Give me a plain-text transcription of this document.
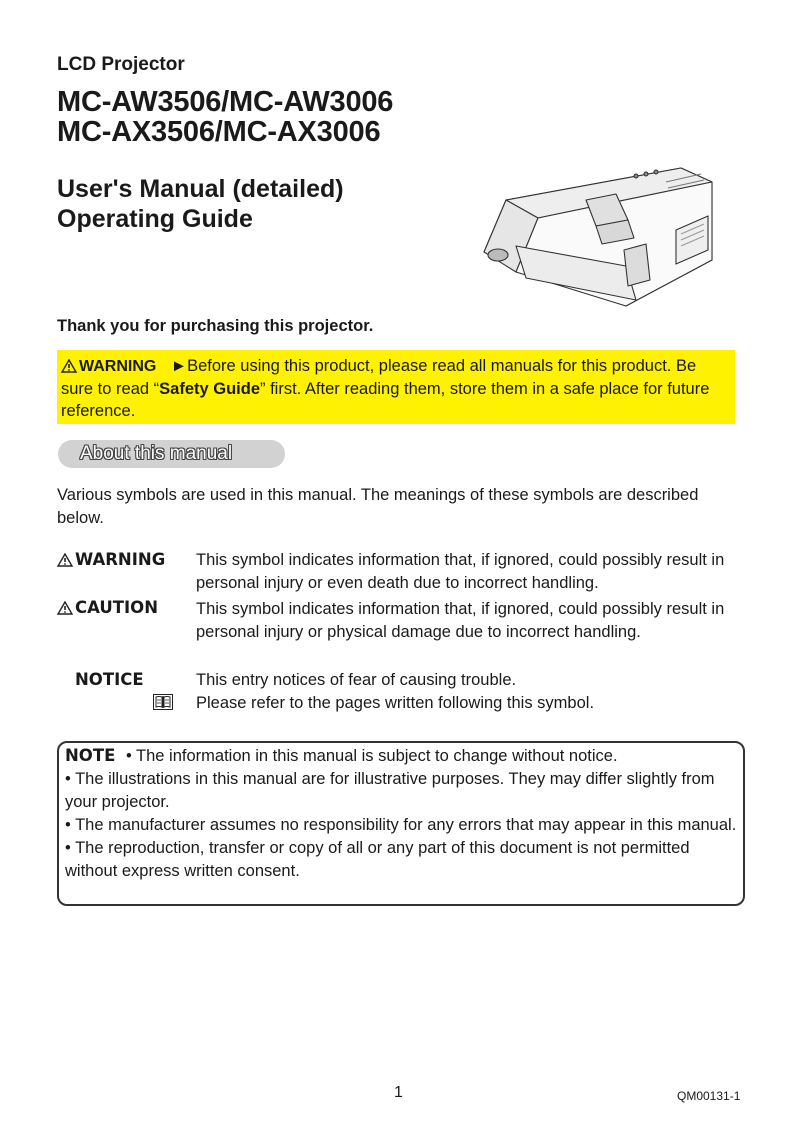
LCD Projector
MC-AW3506/MC-AW3006
MC-AX3506/MC-AX3006
User's Manual (detailed)
Operating Guide
Thank you for purchasing this projector.
WARNING ►Before using this product, please read all manuals for this product. Be sure to read “Safety Guide” first. After reading them, store them in a safe place for future reference.
About this manual
Various symbols are used in this manual. The meanings of these symbols are described below.
WARNING This symbol indicates information that, if ignored, could possibly result in personal injury or even death due to incorrect handling.
CAUTION This symbol indicates information that, if ignored, could possibly result in personal injury or physical damage due to incorrect handling.
NOTICE	This entry notices of fear of causing trouble.
Please refer to the pages written following this symbol.
NOTE • The information in this manual is subject to change without notice.
• The illustrations in this manual are for illustrative purposes. They may differ slightly from your projector.
• The manufacturer assumes no responsibility for any errors that may appear in this manual.
• The reproduction, transfer or copy of all or any part of this document is not permitted without express written consent.
1	QM00131-1
